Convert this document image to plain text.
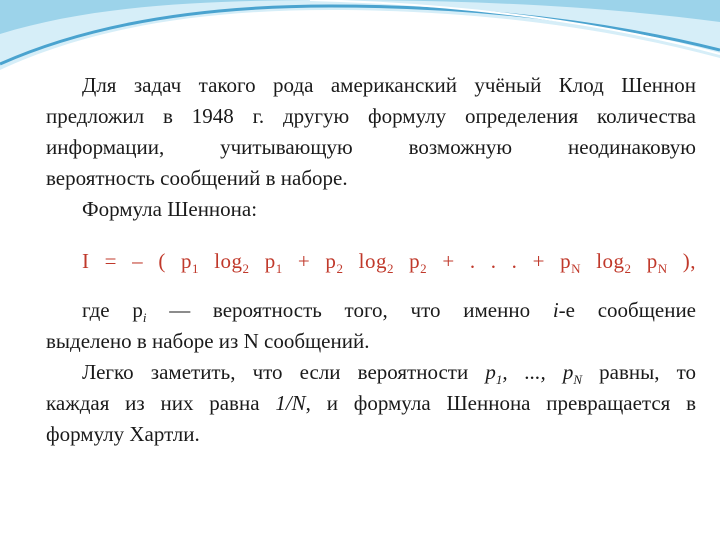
Для задач такого рода американский учёный Клод Шеннон

предложил в 1948 г. другую формулу определения количества

информации, учитывающую возможную неодинаковую

вероятность сообщений в наборе.

Формула Шеннона:

I = – ( $p_1$ $\log_2 p_1 + p_2$ $\log_2 p_2$ + . . . + $p_N$ $\log_2 p_N$ ),

где $p_i$ — вероятность того, что именно i-е сообщение

выделено в наборе из N сообщений.

Легко заметить, что если вероятности $p_1$, ..., $p_N$ равны, то

каждая из них равна 1/N, и формула Шеннона превращается в

формулу Хартли.
